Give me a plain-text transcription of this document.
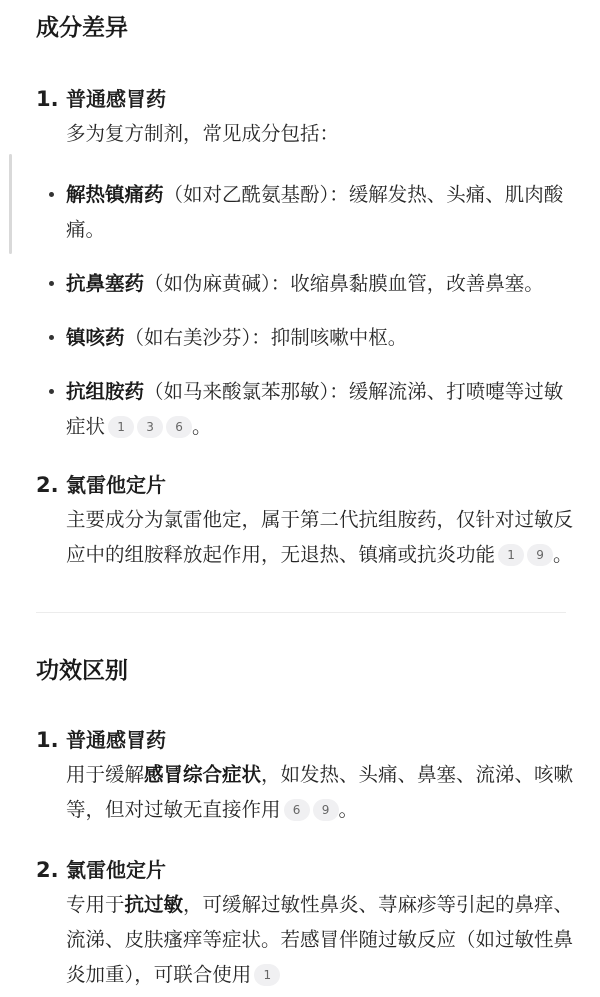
成分差异
1. 普通感冒药
多为复方制剂，常见成分包括：
解热镇痛药（如对乙酰氨基酚）：缓解发热、头痛、肌肉酸痛。
抗鼻塞药（如伪麻黄碱）：收缩鼻黏膜血管，改善鼻塞。
镇咳药（如右美沙芬）：抑制咳嗽中枢。
抗组胺药（如马来酸氯苯那敏）：缓解流涕、打喷嚏等过敏症状 1 3 6 。
2. 氯雷他定片
主要成分为氯雷他定，属于第二代抗组胺药，仅针对过敏反应中的组胺释放起作用，无退热、镇痛或抗炎功能 1 9 。
功效区别
1. 普通感冒药
用于缓解感冒综合症状，如发热、头痛、鼻塞、流涕、咳嗽等，但对过敏无直接作用 6 9 。
2. 氯雷他定片
专用于抗过敏，可缓解过敏性鼻炎、荨麻疹等引起的鼻痒、流涕、皮肤瘙痒等症状。若感冒伴随过敏反应（如过敏性鼻炎加重），可联合使用 1
